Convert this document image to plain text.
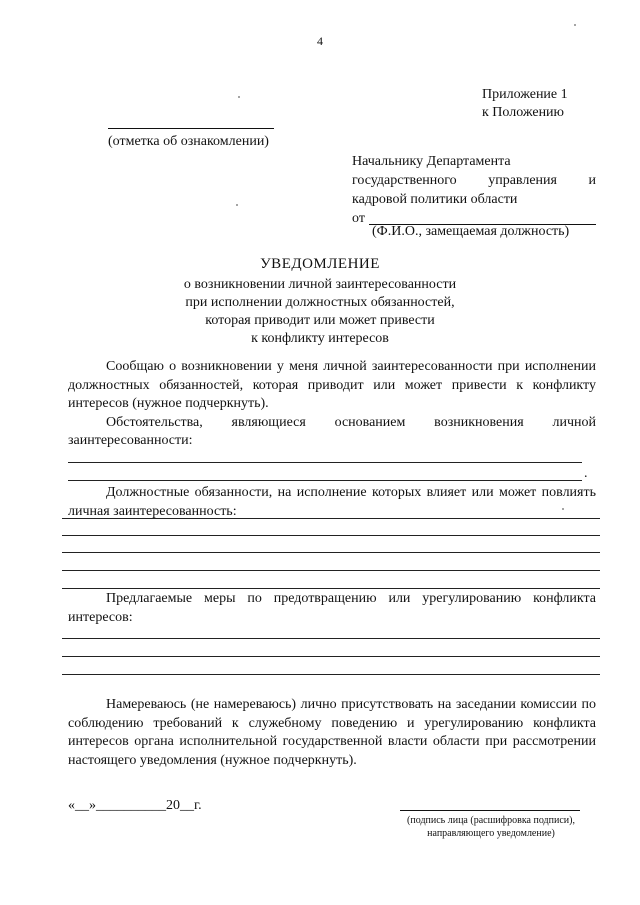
4
Приложение 1
к Положению
(отметка об ознакомлении)
Начальнику Департамента
государственного управления и
кадровой политики области
от
(Ф.И.О., замещаемая должность)
УВЕДОМЛЕНИЕ
о возникновении личной заинтересованности
при исполнении должностных обязанностей,
которая приводит или может привести
к конфликту интересов

Сообщаю о возникновении у меня личной заинтересованности при исполнении должностных обязанностей, которая приводит или может привести к конфликту интересов (нужное подчеркнуть).

Обстоятельства, являющиеся основанием возникновения личной заинтересованности:

.

Должностные обязанности, на исполнение которых влияет или может повлиять личная заинтересованность:

Предлагаемые меры по предотвращению или урегулированию конфликта интересов:

Намереваюсь (не намереваюсь) лично присутствовать на заседании комиссии по соблюдению требований к служебному поведению и урегулированию конфликта интересов органа исполнительной государственной власти области при рассмотрении настоящего уведомления (нужное подчеркнуть).

«__»__________20__г.
(подпись лица (расшифровка подписи), направляющего уведомление)
